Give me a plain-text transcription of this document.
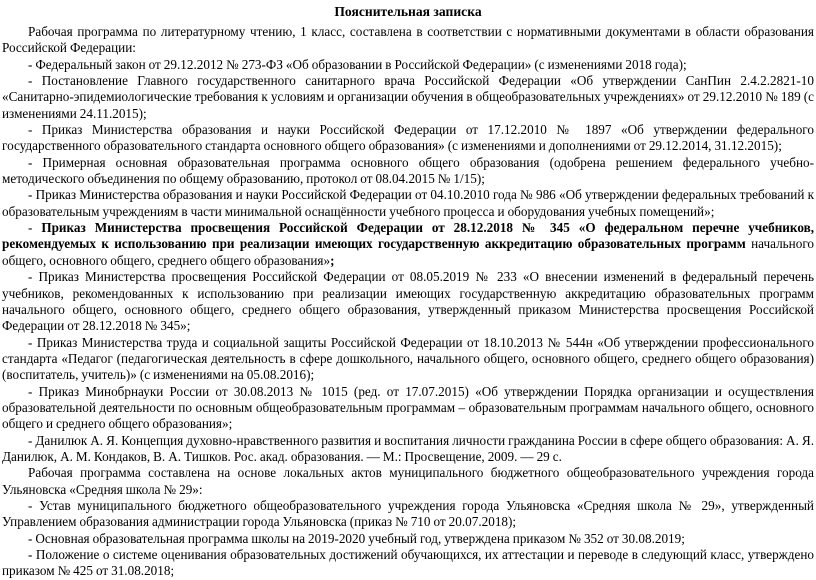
Пояснительная записка

Рабочая программа по литературному чтению, 1 класс, составлена в соответствии с нормативными документами в области образования Российской Федерации:

- Федеральный закон от 29.12.2012 № 273-ФЗ «Об образовании в Российской Федерации» (с изменениями 2018 года);

- Постановление Главного государственного санитарного врача Российской Федерации «Об утверждении СанПин 2.4.2.2821-10 «Санитарно-эпидемиологические требования к условиям и организации обучения в общеобразовательных учреждениях» от 29.12.2010 № 189 (с изменениями 24.11.2015);

- Приказ Министерства образования и науки Российской Федерации от 17.12.2010 № 1897 «Об утверждении федерального государственного образовательного стандарта основного общего образования» (с изменениями и дополнениями от 29.12.2014, 31.12.2015);

- Примерная основная образовательная программа основного общего образования (одобрена решением федерального учебно-методического объединения по общему образованию, протокол от 08.04.2015 № 1/15);

- Приказ Министерства образования и науки Российской Федерации от 04.10.2010 года № 986 «Об утверждении федеральных требований к образовательным учреждениям в части минимальной оснащённости учебного процесса и оборудования учебных помещений»;

- Приказ Министерства просвещения Российской Федерации от 28.12.2018 № 345 «О федеральном перечне учебников, рекомендуемых к использованию при реализации имеющих государственную аккредитацию образовательных программ начального общего, основного общего, среднего общего образования»;

- Приказ Министерства просвещения Российской Федерации от 08.05.2019 № 233 «О внесении изменений в федеральный перечень учебников, рекомендованных к использованию при реализации имеющих государственную аккредитацию образовательных программ начального общего, основного общего, среднего общего образования, утвержденный приказом Министерства просвещения Российской Федерации от 28.12.2018 № 345»;

- Приказ Министерства труда и социальной защиты Российской Федерации от 18.10.2013 № 544н «Об утверждении профессионального стандарта «Педагог (педагогическая деятельность в сфере дошкольного, начального общего, основного общего, среднего общего образования) (воспитатель, учитель)» (с изменениями на 05.08.2016);

- Приказ Минобрнауки России от 30.08.2013 № 1015 (ред. от 17.07.2015) «Об утверждении Порядка организации и осуществления образовательной деятельности по основным общеобразовательным программам – образовательным программам начального общего, основного общего и среднего общего образования»;

- Данилюк А. Я. Концепция духовно-нравственного развития и воспитания личности гражданина России в сфере общего образования: А. Я. Данилюк, А. М. Кондаков, В. А. Тишков. Рос. акад. образования. — М.: Просвещение, 2009. — 29 с.

Рабочая программа составлена на основе локальных актов муниципального бюджетного общеобразовательного учреждения города Ульяновска «Средняя школа № 29»:

- Устав муниципального бюджетного общеобразовательного учреждения города Ульяновска «Средняя школа № 29», утвержденный Управлением образования администрации города Ульяновска (приказ № 710 от 20.07.2018);

- Основная образовательная программа школы на 2019-2020 учебный год, утверждена приказом № 352 от 30.08.2019;

- Положение о системе оценивания образовательных достижений обучающихся, их аттестации и переводе в следующий класс, утверждено приказом № 425 от 31.08.2018;
